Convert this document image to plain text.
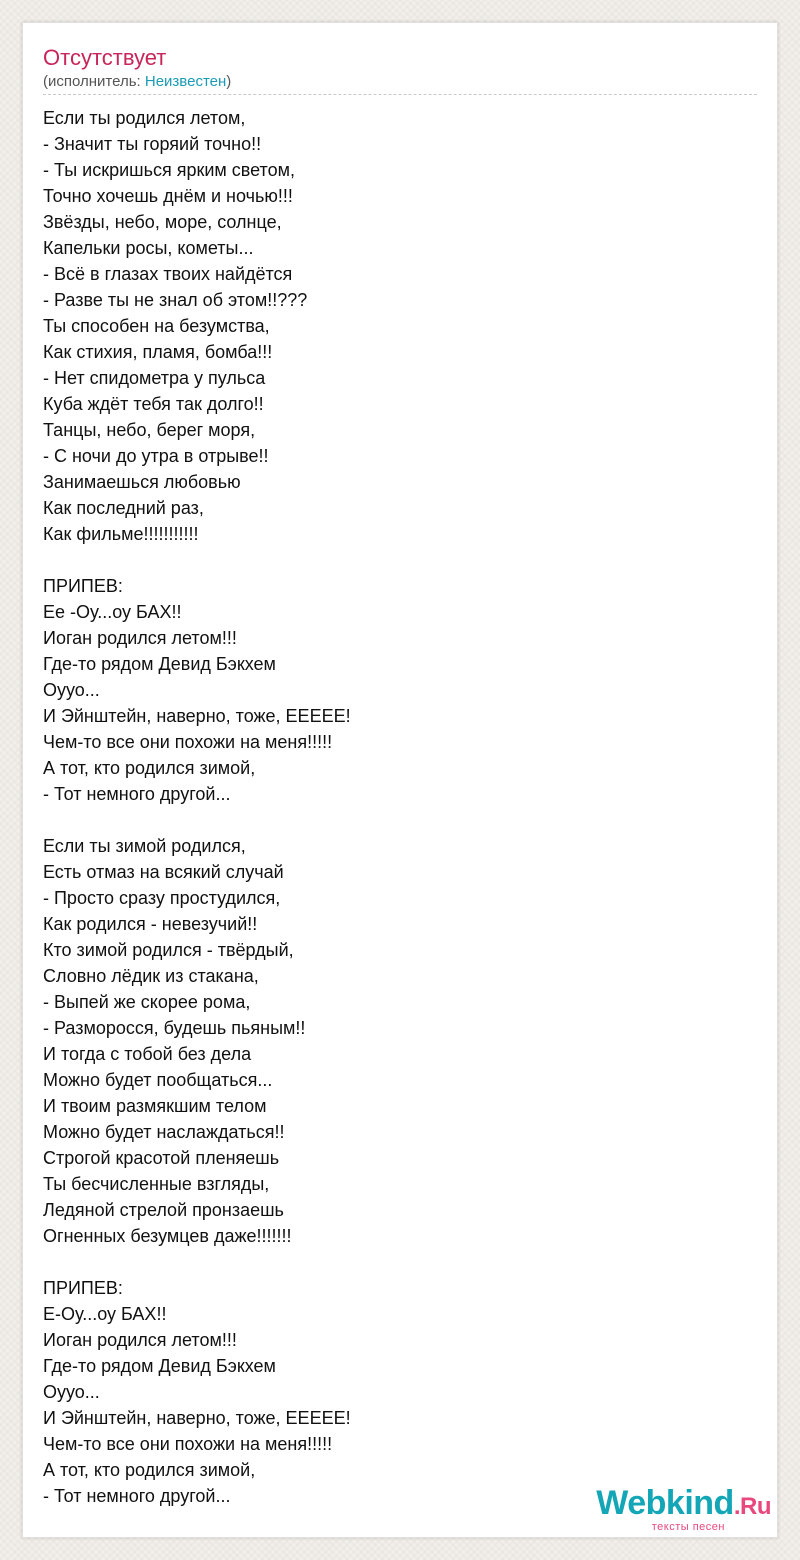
Отсутствует
(исполнитель: Неизвестен)
Если ты родился летом,
- Значит ты горяий точно!!
- Ты искришься ярким светом,
Точно хочешь днём и ночью!!!
Звёзды, небо, море, солнце,
Капельки росы, кометы...
- Всё в глазах твоих найдётся
- Разве ты не знал об этом!!???
Ты способен на безумства,
Как стихия, пламя, бомба!!!
- Нет спидометра у пульса
Куба ждёт тебя так долго!!
Танцы, небо, берег моря,
- С ночи до утра в отрыве!!
Занимаешься любовью
Как последний раз,
Как фильме!!!!!!!!!!!
ПРИПЕВ:
Ее -Оу...оу БАХ!!
Иоган родился летом!!!
Где-то рядом Девид Бэкхем
Оууо...
И Эйнштейн, наверно, тоже, ЕЕЕЕЕ!
Чем-то все они похожи на меня!!!!!
А тот, кто родился зимой,
- Тот немного другой...
Если ты зимой родился,
Есть отмаз на всякий случай
- Просто сразу простудился,
Как родился - невезучий!!
Кто зимой родился - твёрдый,
Словно лёдик из стакана,
- Выпей же скорее рома,
- Разморосся, будешь пьяным!!
И тогда с тобой без дела
Можно будет пообщаться...
И твоим размякшим телом
Можно будет наслаждаться!!
Строгой красотой пленяешь
Ты бесчисленные взгляды,
Ледяной стрелой пронзаешь
Огненных безумцев даже!!!!!!!
ПРИПЕВ:
Е-Оу...оу БАХ!!
Иоган родился летом!!!
Где-то рядом Девид Бэкхем
Оууо...
И Эйнштейн, наверно, тоже, ЕЕЕЕЕ!
Чем-то все они похожи на меня!!!!!
А тот, кто родился зимой,
- Тот немного другой...	Webkind.Ru
тексты песен
